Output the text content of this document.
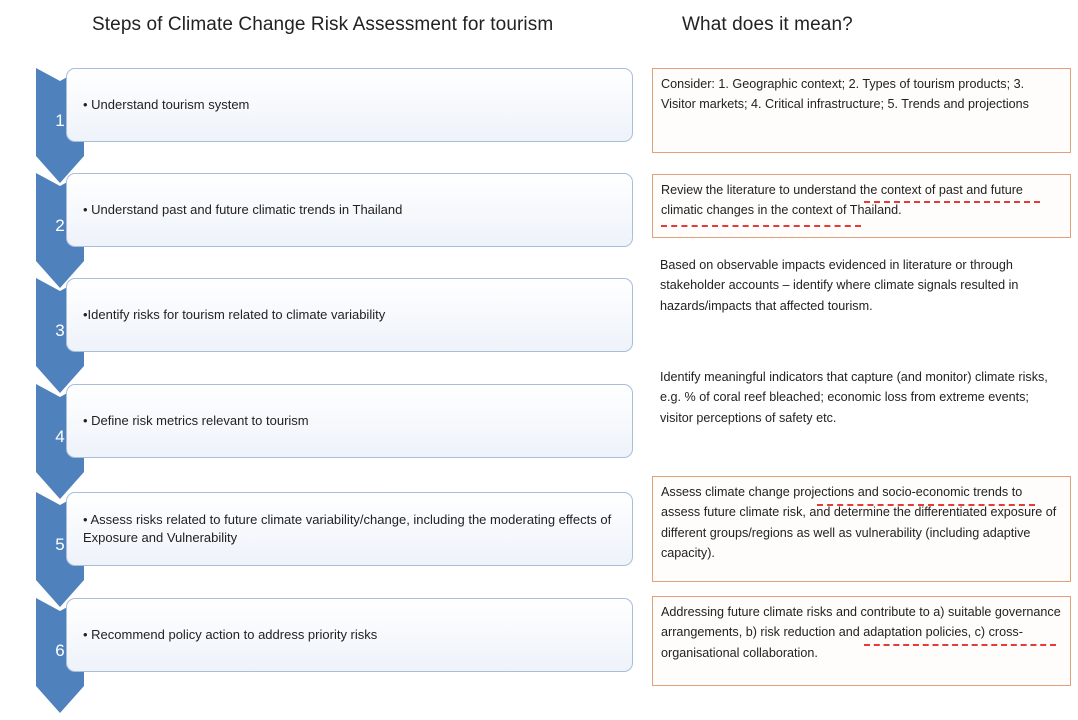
Steps of Climate Change Risk Assessment for tourism	What does it mean?
1
• Understand tourism system
Consider: 1. Geographic context; 2. Types of tourism products; 3. Visitor markets; 4. Critical infrastructure; 5. Trends and projections
2
• Understand past and future climatic trends in Thailand
Review the literature to understand the context of past and future climatic changes in the context of Thailand.
3
•Identify risks for tourism related to climate variability
Based on observable impacts evidenced in literature or through stakeholder accounts – identify where climate signals resulted in hazards/impacts that affected tourism.
4
• Define risk metrics relevant to tourism
Identify meaningful indicators that capture (and monitor) climate risks, e.g. % of coral reef bleached; economic loss from extreme events; visitor perceptions of safety etc.
5
• Assess risks related to future climate variability/change, including the moderating effects of Exposure and Vulnerability
Assess climate change projections and socio-economic trends to assess future climate risk, and determine the differentiated exposure of different groups/regions as well as vulnerability (including adaptive capacity).
6
• Recommend policy action to address priority risks
Addressing future climate risks and contribute to a) suitable governance arrangements, b) risk reduction and adaptation policies, c) cross-organisational collaboration.
